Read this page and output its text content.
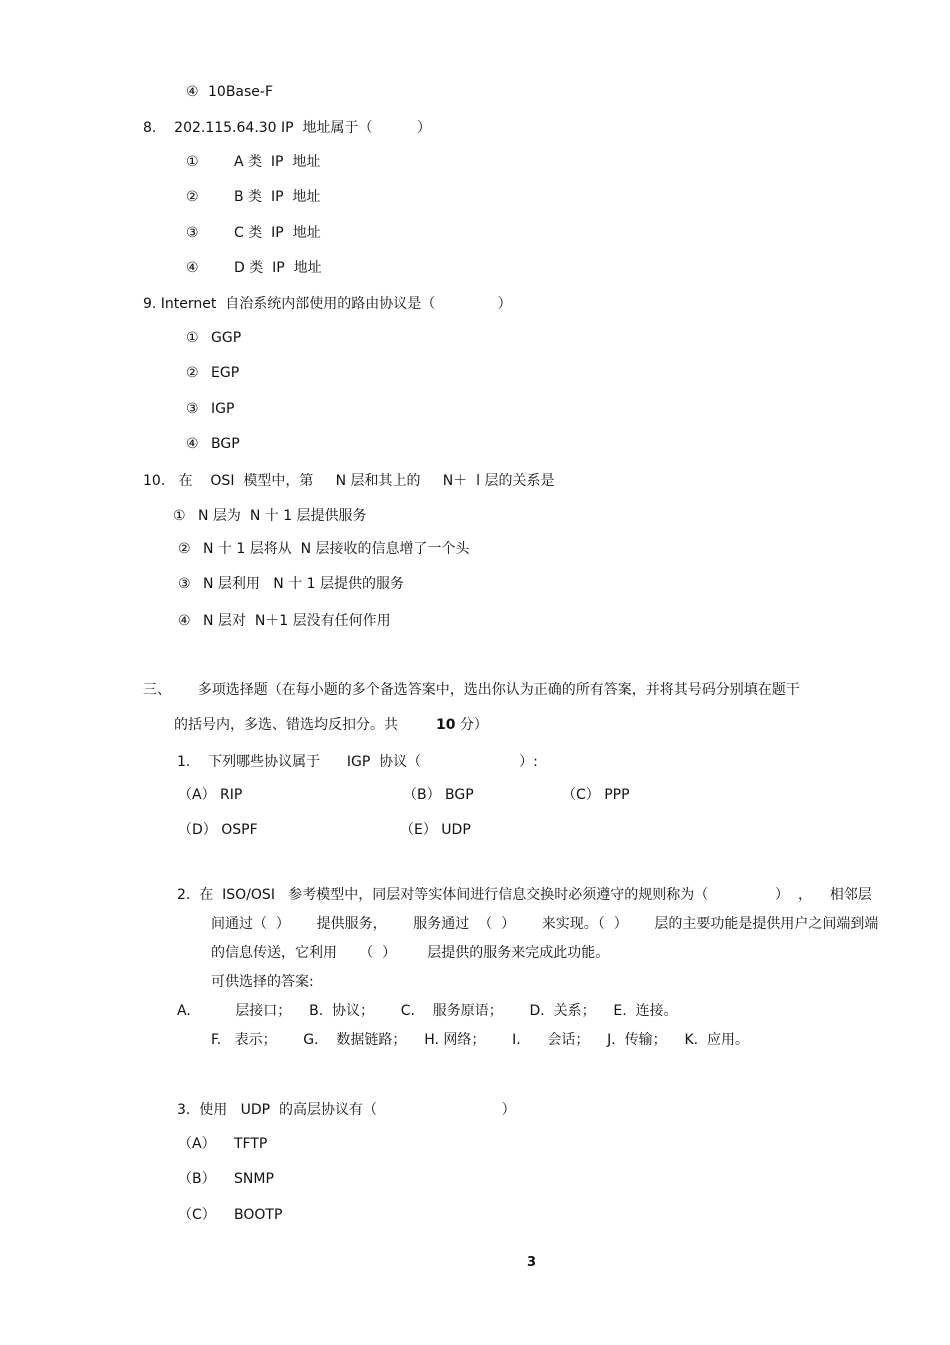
④ 10Base-F
8.    202.115.64.30 IP  地址属于（          ）
①	A 类  IP  地址
②	B 类  IP  地址
③	C 类  IP  地址
④	D 类  IP  地址
9. Internet  自治系统内部使用的路由协议是（              ）
① GGP
② EGP
③ IGP
④ BGP
10.   在    OSI  模型中，第     N 层和其上的     N＋  l 层的关系是
① N 层为  N 十 1 层提供服务
② N 十 1 层将从  N 层接收的信息增了一个头
③ N 层利用   N 十 1 层提供的服务
④ N 层对  N＋1 层没有任何作用
三、      多项选择题（在每小题的多个备选答案中，选出你认为正确的所有答案，并将其号码分别填在题干
的括号内，多选、错选均反扣分。共	10 分）
1.    下列哪些协议属于      IGP  协议（                      ）:
（A） RIP	（B） BGP	（C） PPP
（D） OSPF	（E） UDP
2.  在  ISO/OSI   参考模型中，同层对等实体间进行信息交换时必须遵守的规则称为（               ）  ，    相邻层
间通过（  ）      提供服务，      服务通过  （  ）      来实现。（  ）      层的主要功能是提供用户之间端到端
的信息传送，它利用     （  ）       层提供的服务来完成此功能。
可供选择的答案:
A.          层接口；    B.  协议；      C.    服务原语；      D.  关系；    E.  连接。
F.   表示；      G.    数据链路；    H. 网络；      I.      会话；    J.  传输；    K.  应用。
3.  使用   UDP  的高层协议有（                            ）
（A） TFTP
（B） SNMP
（C） BOOTP
3
